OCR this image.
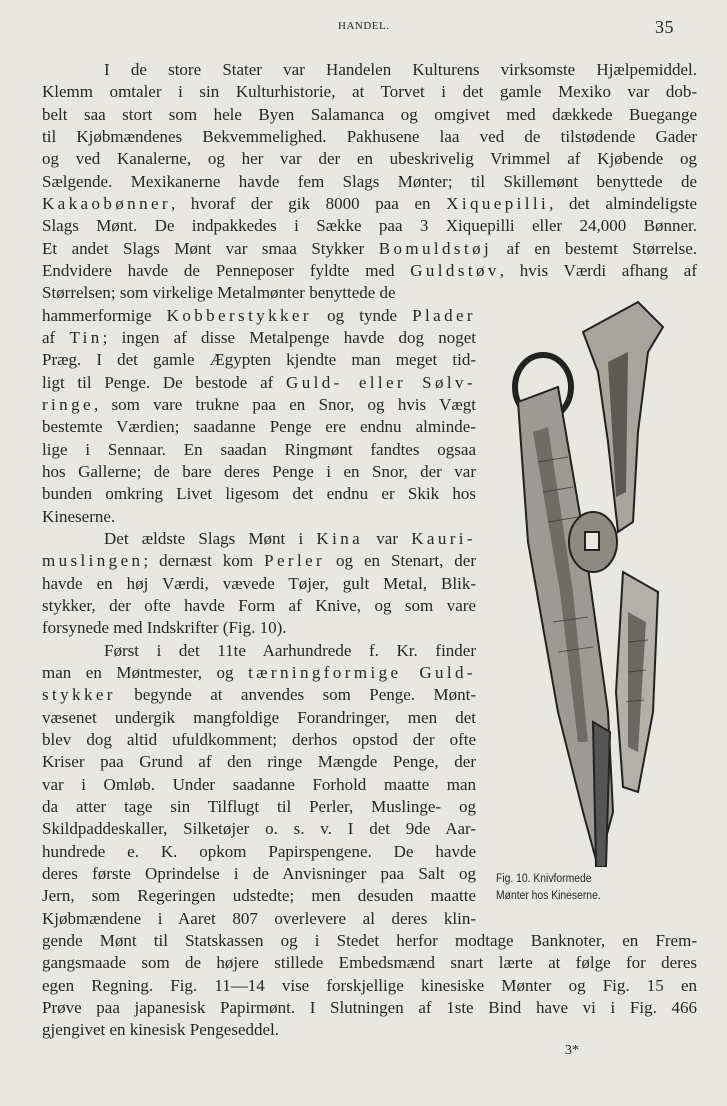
HANDEL.	35
I de store Stater var Handelen Kulturens virksomste Hjælpemiddel.
Klemm omtaler i sin Kulturhistorie, at Torvet i det gamle Mexiko var dob-
belt saa stort som hele Byen Salamanca og omgivet med dækkede Buegange
til Kjøbmændenes Bekvemmelighed. Pakhusene laa ved de tilstødende Gader
og ved Kanalerne, og her var der en ubeskrivelig Vrimmel af Kjøbende og
Sælgende. Mexikanerne havde fem Slags Mønter; til Skillemønt benyttede de
Kakaobønner, hvoraf der gik 8000 paa en Xiquepilli, det almindeligste
Slags Mønt. De indpakkedes i Sække paa 3 Xiquepilli eller 24,000 Bønner.
Et andet Slags Mønt var smaa Stykker Bomuldstøj af en bestemt Størrelse.
Endvidere havde de Penneposer fyldte med Guldstøv, hvis Værdi afhang af
Størrelsen; som virkelige Metalmønter benyttede de
hammerformige Kobberstykker og tynde Plader
af Tin; ingen af disse Metalpenge havde dog noget
Præg. I det gamle Ægypten kjendte man meget tid-
ligt til Penge. De bestode af Guld- eller Sølv-
ringe, som vare trukne paa en Snor, og hvis Vægt
bestemte Værdien; saadanne Penge ere endnu alminde-
lige i Sennaar. En saadan Ringmønt fandtes ogsaa
hos Gallerne; de bare deres Penge i en Snor, der var
bunden omkring Livet ligesom det endnu er Skik hos
Kineserne.
Det ældste Slags Mønt i Kina var Kauri-
muslingen; dernæst kom Perler og en Stenart, der
havde en høj Værdi, vævede Tøjer, gult Metal, Blik-
stykker, der ofte havde Form af Knive, og som vare
forsynede med Indskrifter (Fig. 10).
Først i det 11te Aarhundrede f. Kr. finder
man en Møntmester, og tærningformige Guld-
stykker begynde at anvendes som Penge. Mønt-
væsenet undergik mangfoldige Forandringer, men det
blev dog altid ufuldkomment; derhos opstod der ofte
Kriser paa Grund af den ringe Mængde Penge, der
var i Omløb. Under saadanne Forhold maatte man
da atter tage sin Tilflugt til Perler, Muslinge- og
Skildpaddeskaller, Silketøjer o. s. v. I det 9de Aar-
hundrede e. K. opkom Papirspengene. De havde
deres første Oprindelse i de Anvisninger paa Salt og
Jern, som Regeringen udstedte; men desuden maatte
Kjøbmændene i Aaret 807 overlevere al deres klin-
gende Mønt til Statskassen og i Stedet herfor modtage Banknoter, en Frem-
gangsmaade som de højere stillede Embedsmænd snart lærte at følge for deres
egen Regning. Fig. 11—14 vise forskjellige kinesiske Mønter og Fig. 15 en
Prøve paa japanesisk Papirmønt. I Slutningen af 1ste Bind have vi i Fig. 466
gjengivet en kinesisk Pengeseddel.
Fig. 10. Knivformede
Mønter hos Kineserne.
3*
